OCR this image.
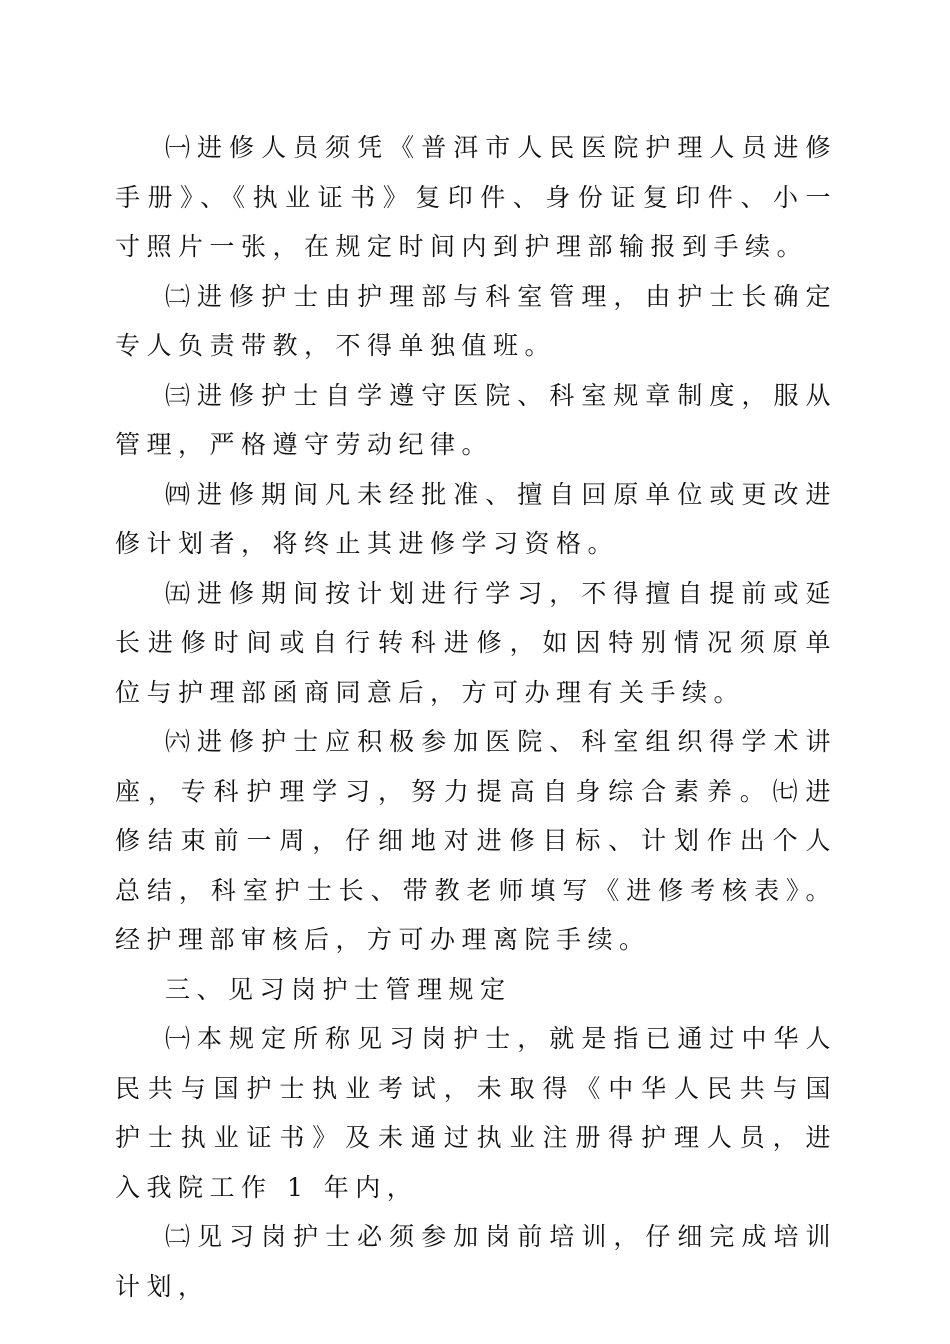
㈠进修人员须凭《普洱市人民医院护理人员进修手册》、《执业证书》复印件、身份证复印件、小一寸照片一张，在规定时间内到护理部输报到手续。

㈡进修护士由护理部与科室管理，由护士长确定专人负责带教，不得单独值班。

㈢进修护士自学遵守医院、科室规章制度，服从管理，严格遵守劳动纪律。

㈣进修期间凡未经批准、擅自回原单位或更改进修计划者，将终止其进修学习资格。

㈤进修期间按计划进行学习，不得擅自提前或延长进修时间或自行转科进修，如因特别情况须原单位与护理部函商同意后，方可办理有关手续。

㈥进修护士应积极参加医院、科室组织得学术讲座，专科护理学习，努力提高自身综合素养。㈦进修结束前一周，仔细地对进修目标、计划作出个人总结，科室护士长、带教老师填写《进修考核表》。经护理部审核后，方可办理离院手续。

三、见习岗护士管理规定

㈠本规定所称见习岗护士，就是指已通过中华人民共与国护士执业考试，未取得《中华人民共与国护士执业证书》及未通过执业注册得护理人员，进入我院工作 1 年内，

㈡见习岗护士必须参加岗前培训，仔细完成培训计划，
